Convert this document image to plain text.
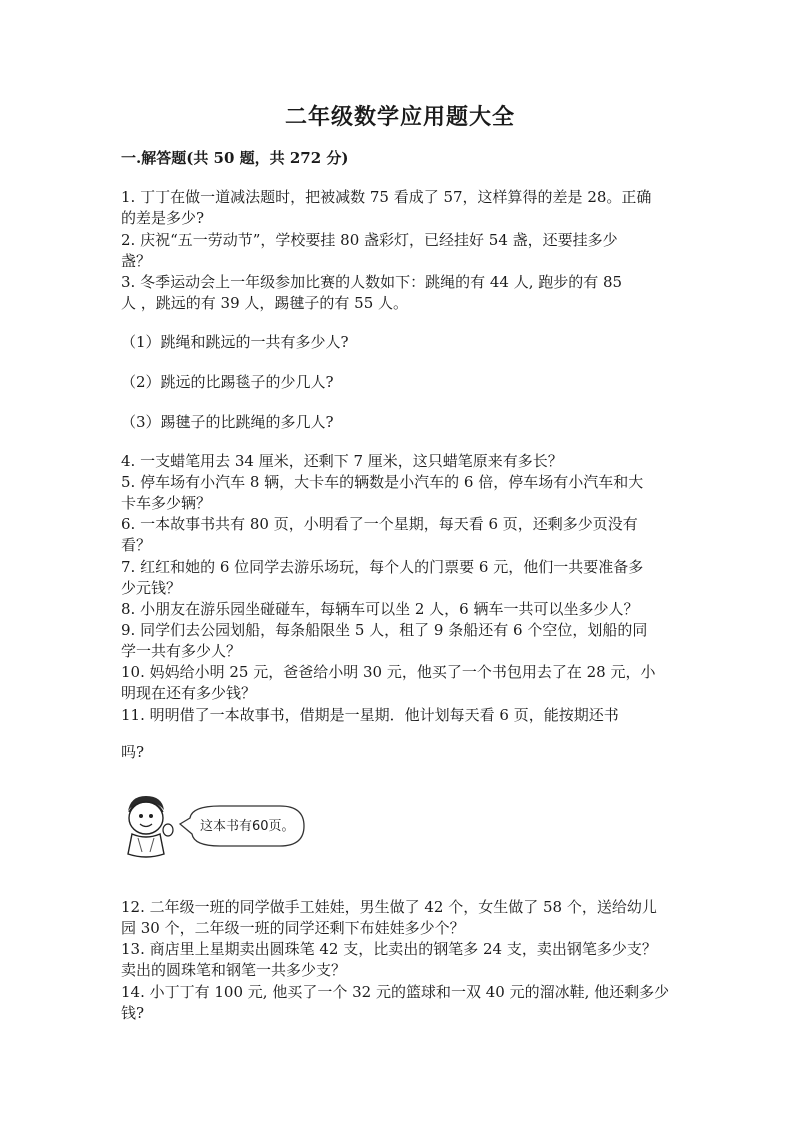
二年级数学应用题大全
一.解答题(共 50 题，共 272 分)
1. 丁丁在做一道减法题时，把被减数 75 看成了 57，这样算得的差是 28。正确
的差是多少?
2. 庆祝“五一劳动节”，学校要挂 80 盏彩灯，已经挂好 54 盏，还要挂多少
盏？
3. 冬季运动会上一年级参加比赛的人数如下：跳绳的有 44 人, 跑步的有 85
人 ，跳远的有 39 人，踢毽子的有 55 人。
（1）跳绳和跳远的一共有多少人?
（2）跳远的比踢毯子的少几人?
（3）踢毽子的比跳绳的多几人?
4. 一支蜡笔用去 34 厘米，还剩下 7 厘米，这只蜡笔原来有多长？
5. 停车场有小汽车 8 辆，大卡车的辆数是小汽车的 6 倍，停车场有小汽车和大
卡车多少辆？
6. 一本故事书共有 80 页，小明看了一个星期，每天看 6 页，还剩多少页没有
看？
7. 红红和她的 6 位同学去游乐场玩，每个人的门票要 6 元，他们一共要准备多
少元钱？
8. 小朋友在游乐园坐碰碰车，每辆车可以坐 2 人，6 辆车一共可以坐多少人？
9. 同学们去公园划船，每条船限坐 5 人，租了 9 条船还有 6 个空位，划船的同
学一共有多少人？
10. 妈妈给小明 25 元，爸爸给小明 30 元，他买了一个书包用去了在 28 元，小
明现在还有多少钱？
11. 明明借了一本故事书，借期是一星期．他计划每天看 6 页，能按期还书
吗?
这本书有60页。
12. 二年级一班的同学做手工娃娃，男生做了 42 个，女生做了 58 个，送给幼儿
园 30 个，二年级一班的同学还剩下布娃娃多少个？
13. 商店里上星期卖出圆珠笔 42 支，比卖出的钢笔多 24 支，卖出钢笔多少支？
卖出的圆珠笔和钢笔一共多少支？
14. 小丁丁有 100 元, 他买了一个 32 元的篮球和一双 40 元的溜冰鞋, 他还剩多少
钱?
